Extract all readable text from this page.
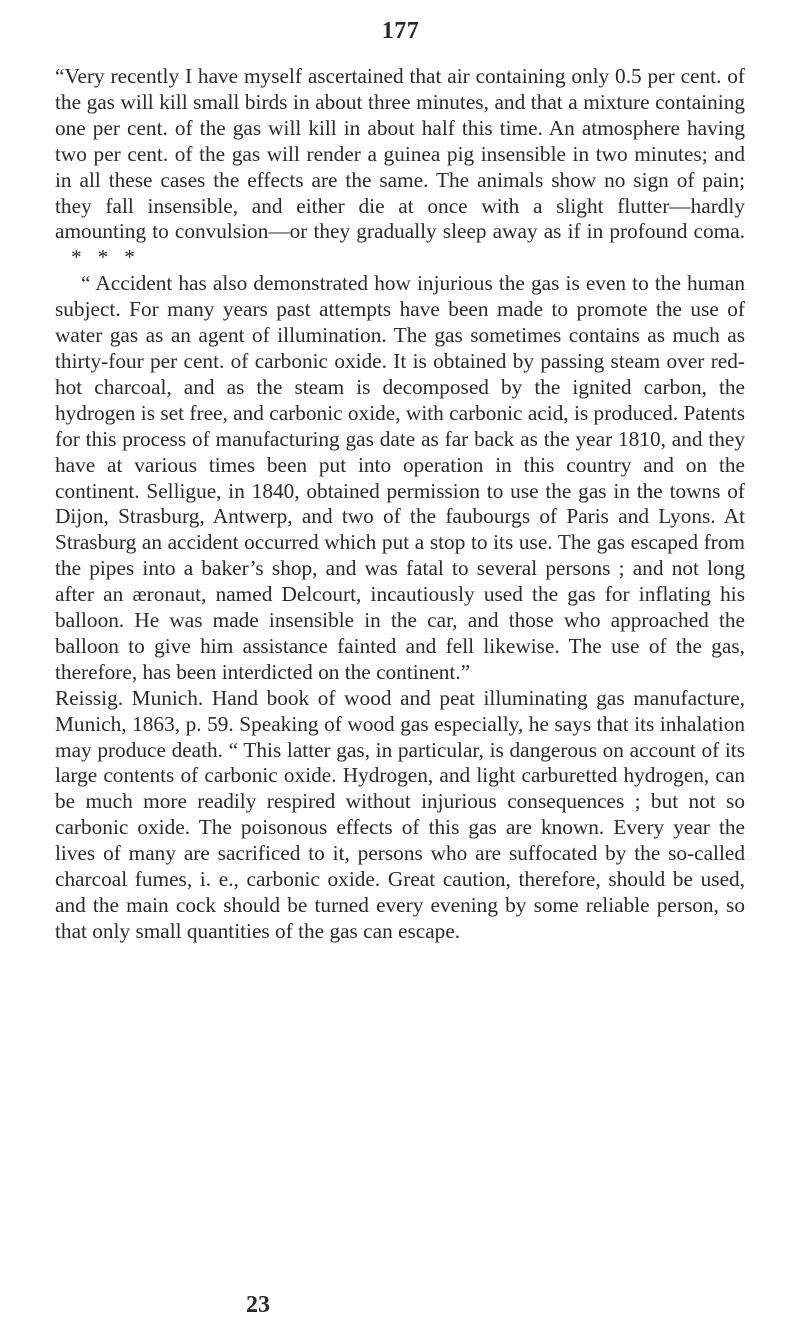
177

“Very recently I have myself ascertained that air containing only 0.5 per cent. of the gas will kill small birds in about three minutes, and that a mixture containing one per cent. of the gas will kill in about half this time. An atmosphere having two per cent. of the gas will render a guinea pig insensible in two minutes; and in all these cases the effects are the same. The animals show no sign of pain; they fall insensible, and either die at once with a slight flutter—hardly amounting to convulsion—or they gradually sleep away as if in profound coma.   *   *   *

“ Accident has also demonstrated how injurious the gas is even to the human subject. For many years past attempts have been made to promote the use of water gas as an agent of illumination. The gas sometimes contains as much as thirty-four per cent. of carbonic oxide. It is obtained by passing steam over red-hot charcoal, and as the steam is decomposed by the ignited carbon, the hydrogen is set free, and carbonic oxide, with carbonic acid, is produced. Patents for this process of manufacturing gas date as far back as the year 1810, and they have at various times been put into operation in this country and on the continent. Selligue, in 1840, obtained permission to use the gas in the towns of Dijon, Strasburg, Antwerp, and two of the faubourgs of Paris and Lyons. At Strasburg an accident occurred which put a stop to its use. The gas escaped from the pipes into a baker’s shop, and was fatal to several persons ; and not long after an æronaut, named Delcourt, incautiously used the gas for inflating his balloon. He was made insensible in the car, and those who approached the balloon to give him assistance fainted and fell likewise. The use of the gas, therefore, has been interdicted on the continent.”

Reissig. Munich. Hand book of wood and peat illuminating gas manufacture, Munich, 1863, p. 59. Speaking of wood gas especially, he says that its inhalation may produce death. “ This latter gas, in particular, is dangerous on account of its large contents of carbonic oxide. Hydrogen, and light carburetted hydrogen, can be much more readily respired without injurious consequences ; but not so carbonic oxide. The poisonous effects of this gas are known. Every year the lives of many are sacrificed to it, persons who are suffocated by the so-called charcoal fumes, i. e., carbonic oxide. Great caution, therefore, should be used, and the main cock should be turned every evening by some reliable person, so that only small quantities of the gas can escape.

23
